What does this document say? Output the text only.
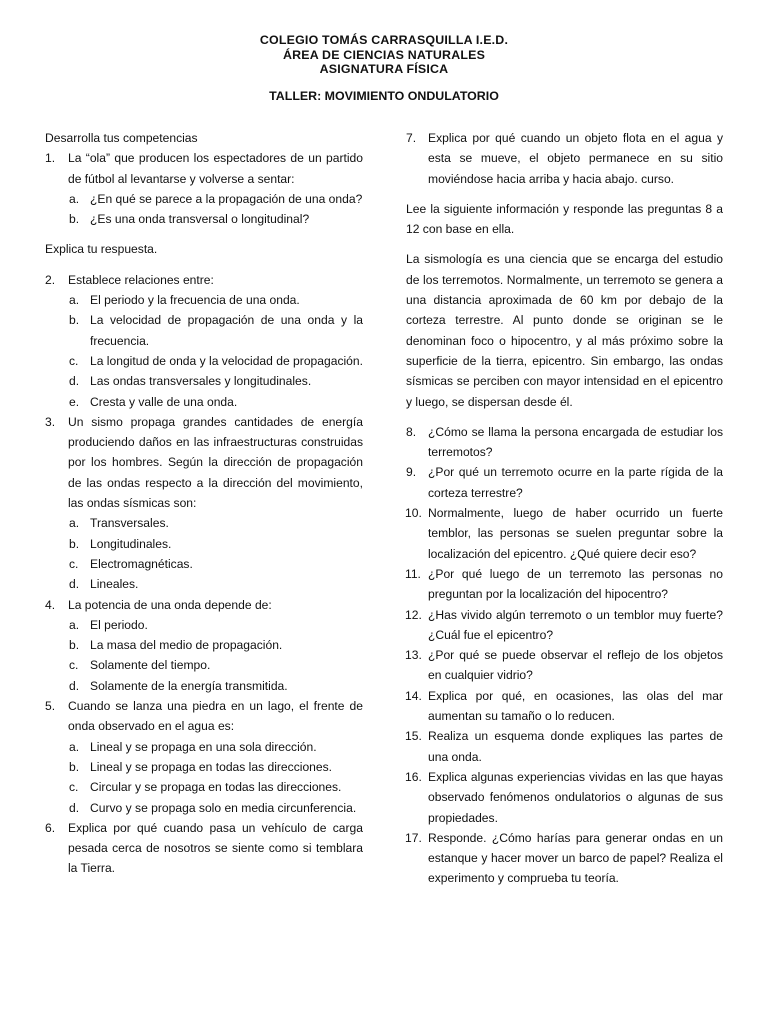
COLEGIO TOMÁS CARRASQUILLA I.E.D.
ÁREA DE CIENCIAS NATURALES
ASIGNATURA FÍSICA
TALLER: MOVIMIENTO ONDULATORIO

Desarrolla tus competencias

1. La “ola” que producen los espectadores de un partido de fútbol al levantarse y volverse a sentar:
a. ¿En qué se parece a la propagación de una onda?
b. ¿Es una onda transversal o longitudinal?

Explica tu respuesta.

2. Establece relaciones entre:
a. El periodo y la frecuencia de una onda.
b. La velocidad de propagación de una onda y la frecuencia.
c. La longitud de onda y la velocidad de propagación.
d. Las ondas transversales y longitudinales.
e. Cresta y valle de una onda.
3. Un sismo propaga grandes cantidades de energía produciendo daños en las infraestructuras construidas por los hombres. Según la dirección de propagación de las ondas respecto a la dirección del movimiento, las ondas sísmicas son:
a. Transversales.
b. Longitudinales.
c. Electromagnéticas.
d. Lineales.
4. La potencia de una onda depende de:
a. El periodo.
b. La masa del medio de propagación.
c. Solamente del tiempo.
d. Solamente de la energía transmitida.
5. Cuando se lanza una piedra en un lago, el frente de onda observado en el agua es:
a. Lineal y se propaga en una sola dirección.
b. Lineal y se propaga en todas las direcciones.
c. Circular y se propaga en todas las direcciones.
d. Curvo y se propaga solo en media circunferencia.
6. Explica por qué cuando pasa un vehículo de carga pesada cerca de nosotros se siente como si temblara la Tierra.
7. Explica por qué cuando un objeto flota en el agua y esta se mueve, el objeto permanece en su sitio moviéndose hacia arriba y hacia abajo. curso.

Lee la siguiente información y responde las preguntas 8 a 12 con base en ella.

La sismología es una ciencia que se encarga del estudio de los terremotos. Normalmente, un terremoto se genera a una distancia aproximada de 60 km por debajo de la corteza terrestre. Al punto donde se originan se le denominan foco o hipocentro, y al más próximo sobre la superficie de la tierra, epicentro. Sin embargo, las ondas sísmicas se perciben con mayor intensidad en el epicentro y luego, se dispersan desde él.

8. ¿Cómo se llama la persona encargada de estudiar los terremotos?
9. ¿Por qué un terremoto ocurre en la parte rígida de la corteza terrestre?
10. Normalmente, luego de haber ocurrido un fuerte temblor, las personas se suelen preguntar sobre la localización del epicentro. ¿Qué quiere decir eso?
11. ¿Por qué luego de un terremoto las personas no preguntan por la localización del hipocentro?
12. ¿Has vivido algún terremoto o un temblor muy fuerte? ¿Cuál fue el epicentro?
13. ¿Por qué se puede observar el reflejo de los objetos en cualquier vidrio?
14. Explica por qué, en ocasiones, las olas del mar aumentan su tamaño o lo reducen.
15. Realiza un esquema donde expliques las partes de una onda.
16. Explica algunas experiencias vividas en las que hayas observado fenómenos ondulatorios o algunas de sus propiedades.
17. Responde. ¿Cómo harías para generar ondas en un estanque y hacer mover un barco de papel? Realiza el experimento y comprueba tu teoría.
